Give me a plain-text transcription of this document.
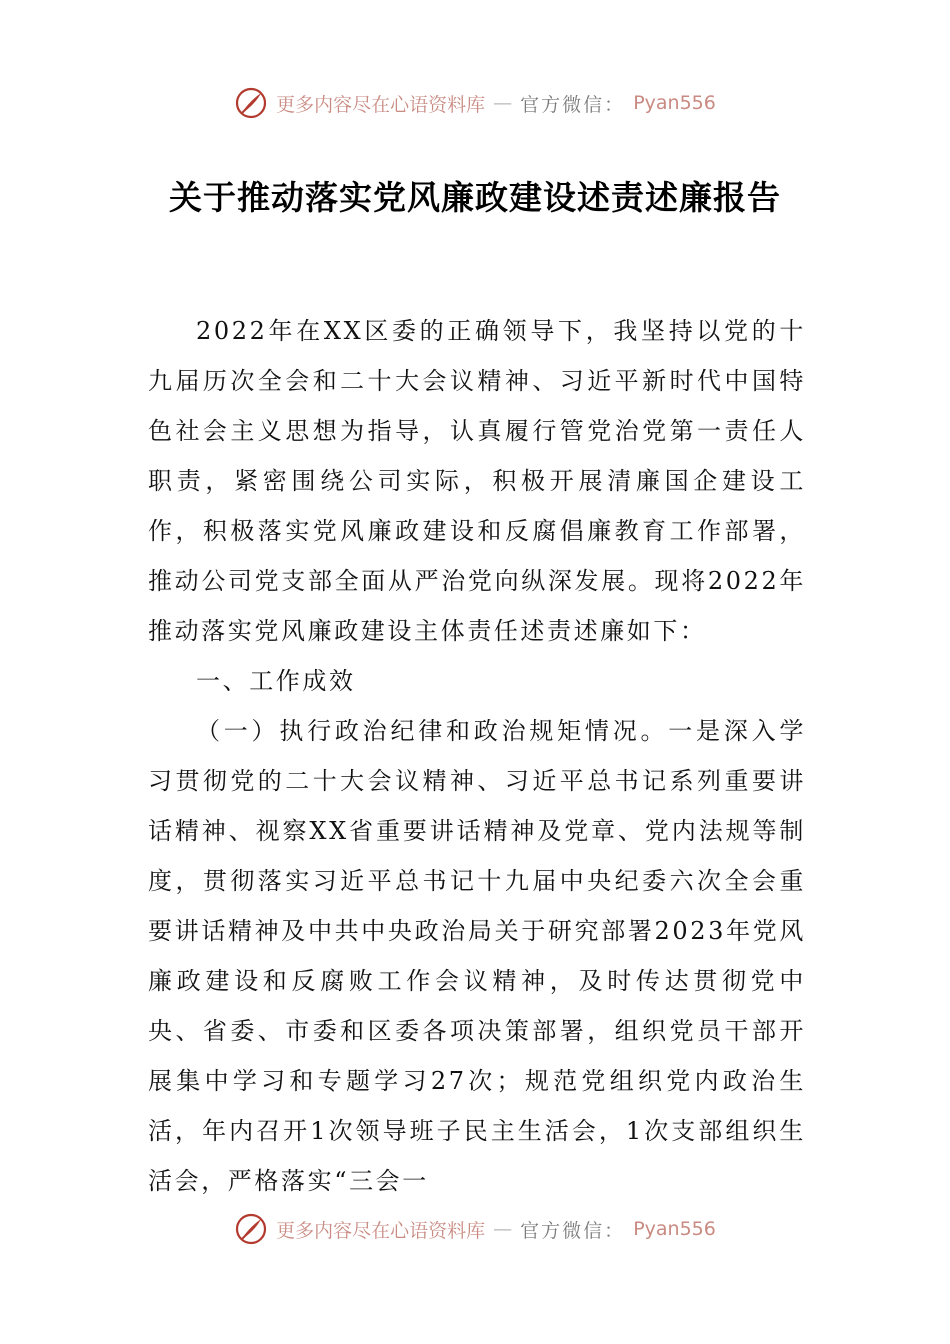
更多内容尽在心语资料库 — 官方微信： Pyan556
关于推动落实党风廉政建设述责述廉报告

2022年在XX区委的正确领导下，我坚持以党的十九届历次全会和二十大会议精神、习近平新时代中国特色社会主义思想为指导，认真履行管党治党第一责任人职责，紧密围绕公司实际，积极开展清廉国企建设工作，积极落实党风廉政建设和反腐倡廉教育工作部署，推动公司党支部全面从严治党向纵深发展。现将2022年推动落实党风廉政建设主体责任述责述廉如下：

一、工作成效

（一）执行政治纪律和政治规矩情况。一是深入学习贯彻党的二十大会议精神、习近平总书记系列重要讲话精神、视察XX省重要讲话精神及党章、党内法规等制度，贯彻落实习近平总书记十九届中央纪委六次全会重要讲话精神及中共中央政治局关于研究部署2023年党风廉政建设和反腐败工作会议精神，及时传达贯彻党中央、省委、市委和区委各项决策部署，组织党员干部开展集中学习和专题学习27次；规范党组织党内政治生活，年内召开1次领导班子民主生活会，1次支部组织生活会，严格落实“三会一

更多内容尽在心语资料库 — 官方微信： Pyan556
